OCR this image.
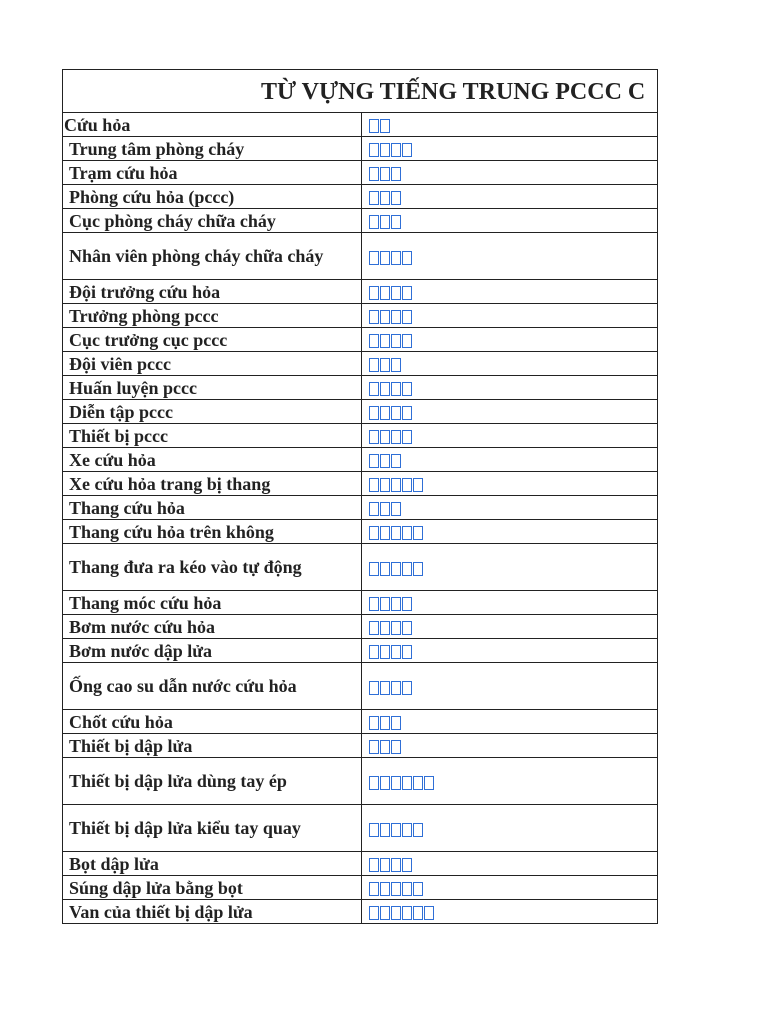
TỪ VỰNG TIẾNG TRUNG PCCC C
Cứu hỏa	

Trung tâm phòng cháy	

Trạm cứu hỏa	

Phòng cứu hỏa (pccc)	

Cục phòng cháy chữa cháy	

Nhân viên phòng cháy chữa cháy	

Đội trưởng cứu hỏa	

Trưởng phòng pccc	

Cục trưởng cục pccc	

Đội viên pccc	

Huấn luyện pccc	

Diễn tập pccc	

Thiết bị pccc	

Xe cứu hỏa	

Xe cứu hỏa trang bị thang	

Thang cứu hỏa	

Thang cứu hỏa trên không	

Thang đưa ra kéo vào tự động	

Thang móc cứu hỏa	

Bơm nước cứu hỏa	

Bơm nước dập lửa	

Ống cao su dẫn nước cứu hỏa	

Chốt cứu hỏa	

Thiết bị dập lửa	

Thiết bị dập lửa dùng tay ép	

Thiết bị dập lửa kiểu tay quay	

Bọt dập lửa	

Súng dập lửa bằng bọt	

Van của thiết bị dập lửa	
